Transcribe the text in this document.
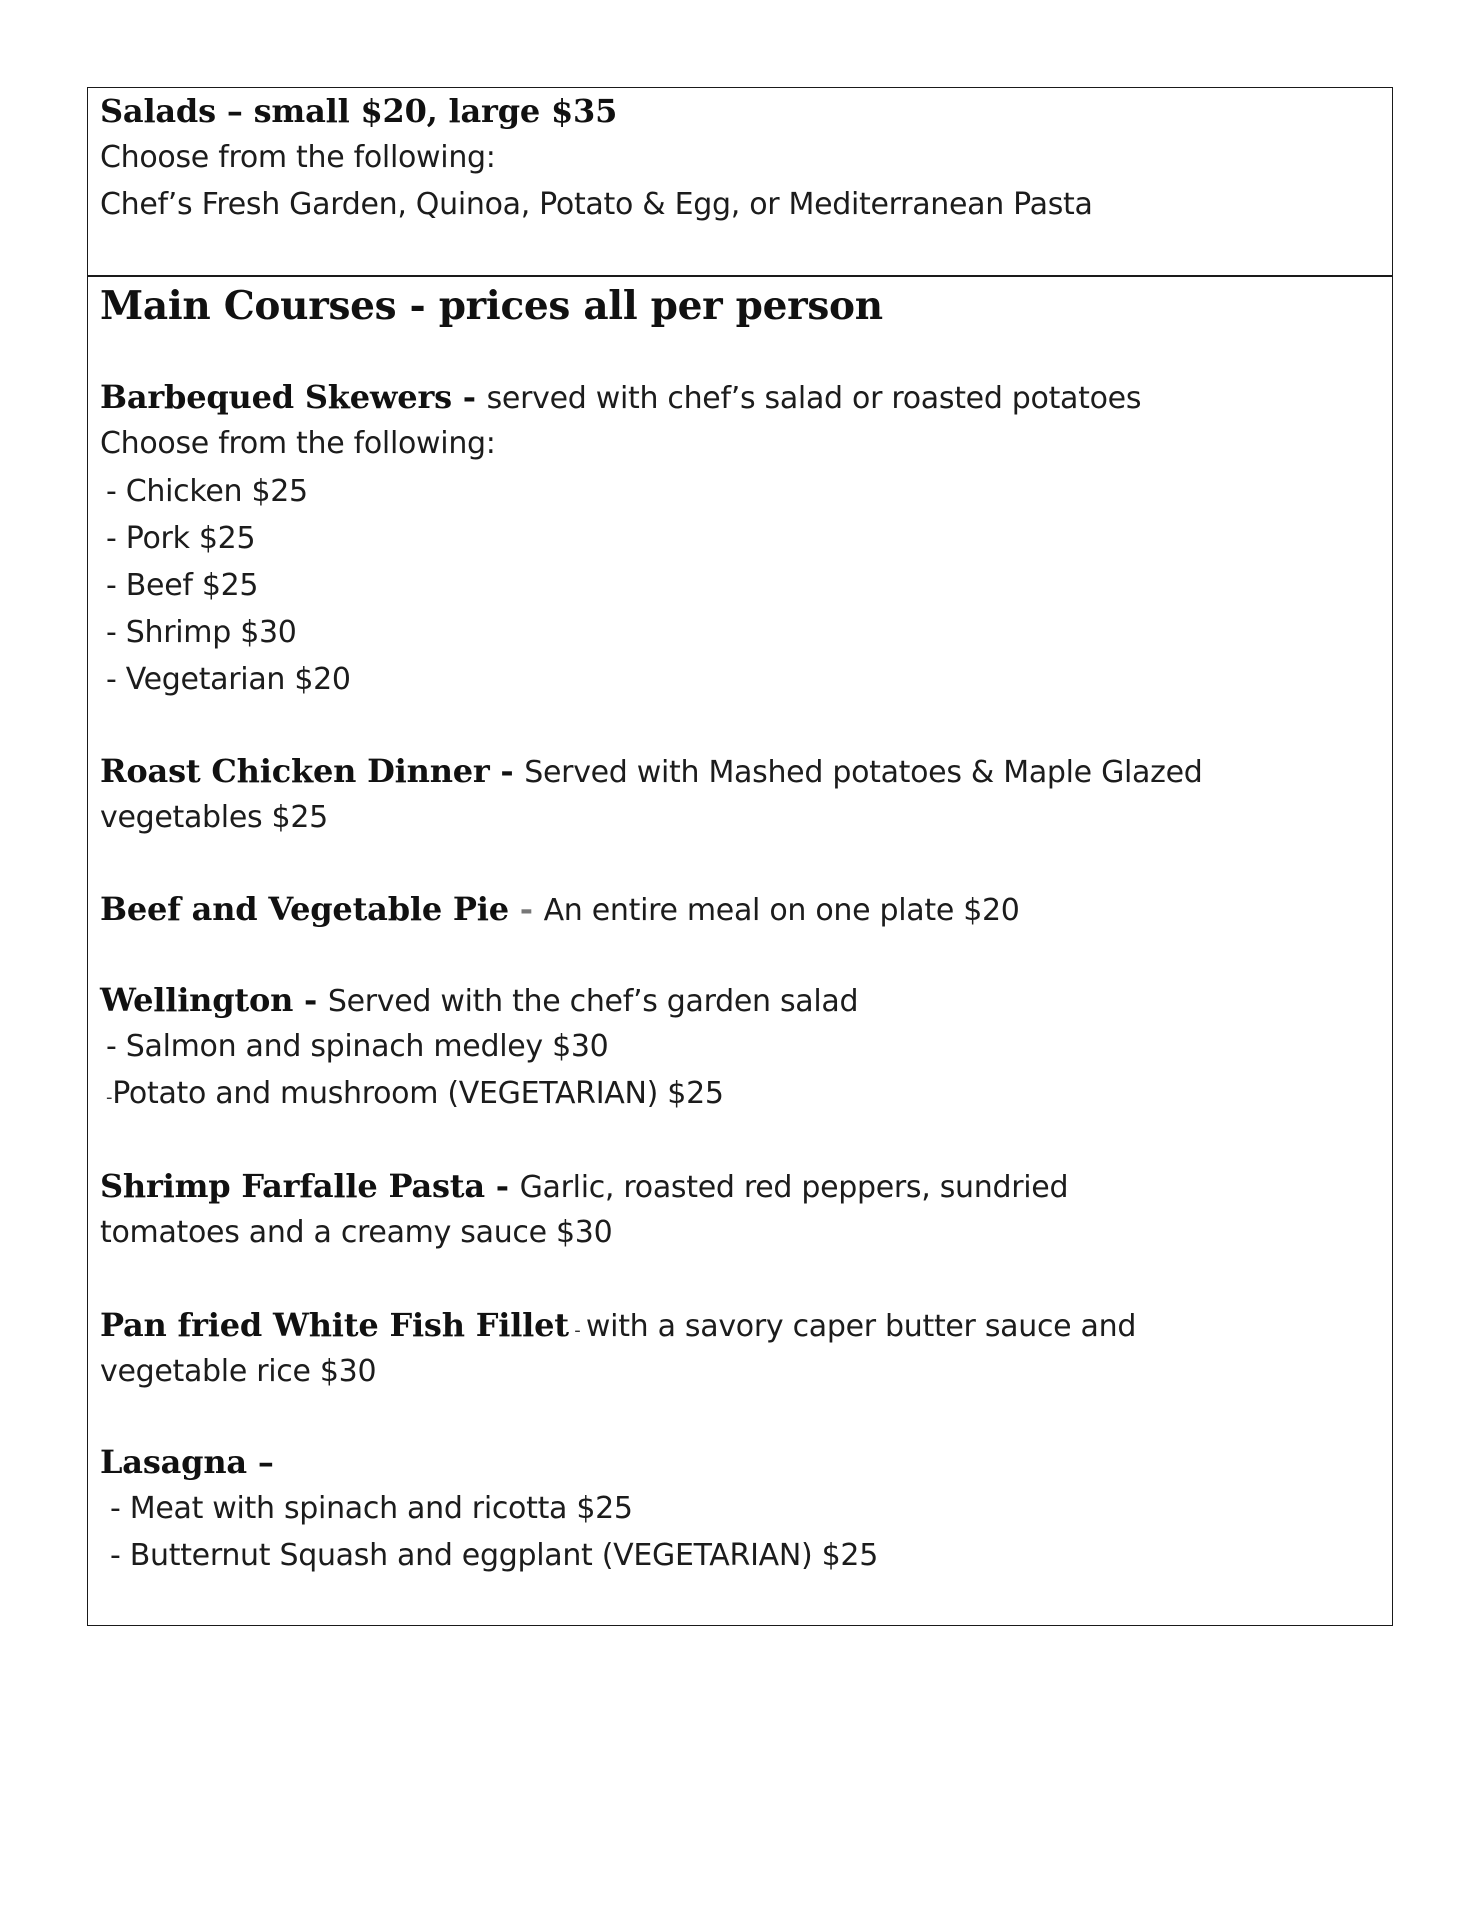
Salads – small $20, large $35
Choose from the following:
Chef’s Fresh Garden, Quinoa, Potato & Egg, or Mediterranean Pasta
Main Courses - prices all per person
Barbequed Skewers - served with chef’s salad or roasted potatoes
Choose from the following:
- Chicken $25
- Pork $25
- Beef $25
- Shrimp $30
- Vegetarian $20
Roast Chicken Dinner - Served with Mashed potatoes & Maple Glazed
vegetables $25
Beef and Vegetable Pie - An entire meal on one plate $20
Wellington - Served with the chef’s garden salad
- Salmon and spinach medley $30
-Potato and mushroom (VEGETARIAN) $25
Shrimp Farfalle Pasta - Garlic, roasted red peppers, sundried
tomatoes and a creamy sauce $30
Pan fried White Fish Fillet - with a savory caper butter sauce and
vegetable rice $30
Lasagna –
- Meat with spinach and ricotta $25
- Butternut Squash and eggplant (VEGETARIAN) $25
